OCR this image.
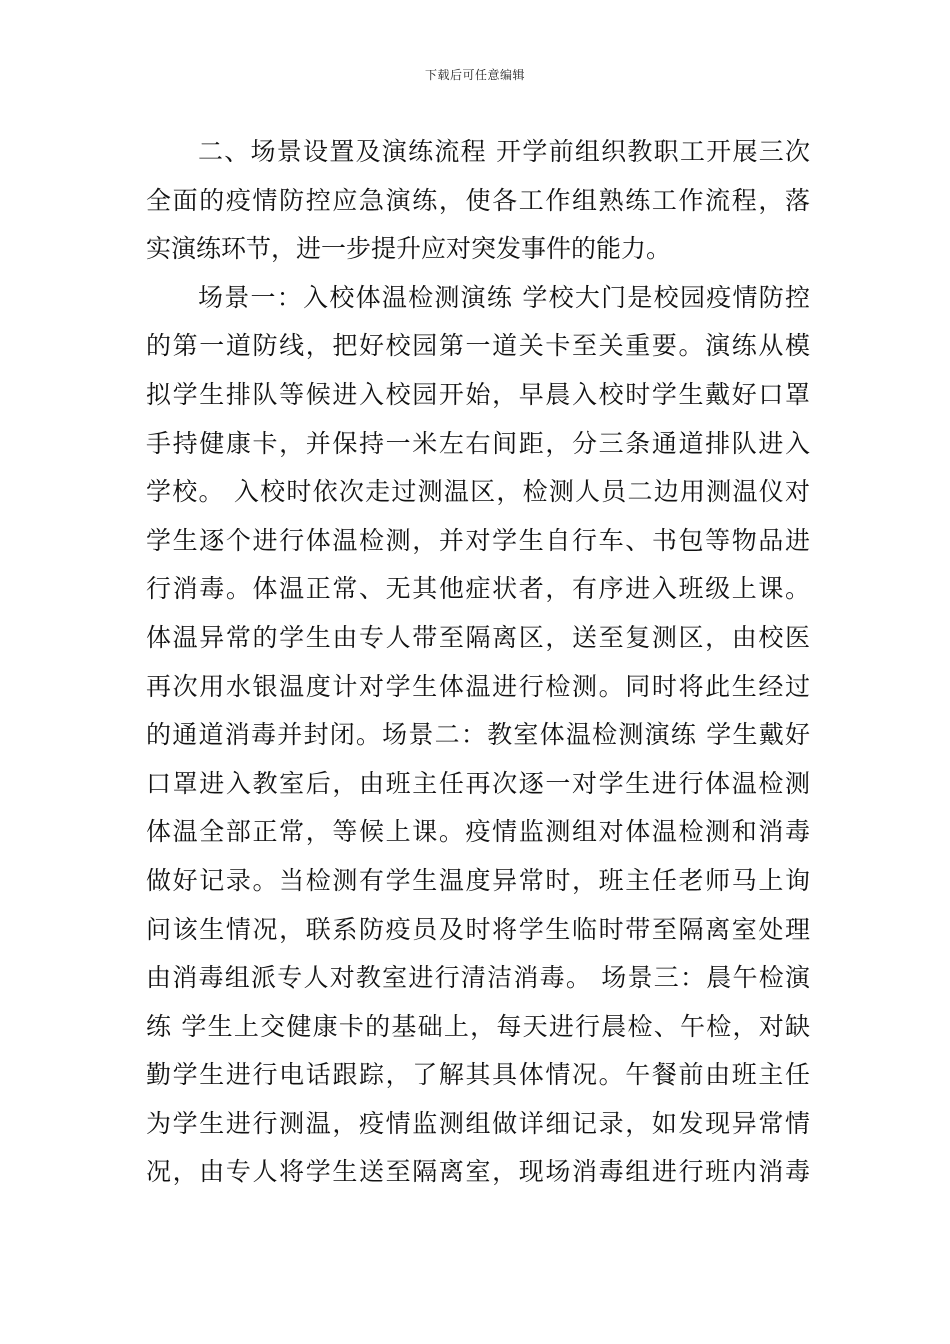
下载后可任意编辑
二、场景设置及演练流程 开学前组织教职工开展三次
全面的疫情防控应急演练，使各工作组熟练工作流程，落
实演练环节，进一步提升应对突发事件的能力。
场景一：入校体温检测演练 学校大门是校园疫情防控
的第一道防线，把好校园第一道关卡至关重要。演练从模
拟学生排队等候进入校园开始，早晨入校时学生戴好口罩
手持健康卡，并保持一米左右间距，分三条通道排队进入
学校。 入校时依次走过测温区，检测人员二边用测温仪对
学生逐个进行体温检测，并对学生自行车、书包等物品进
行消毒。体温正常、无其他症状者，有序进入班级上课。
体温异常的学生由专人带至隔离区，送至复测区，由校医
再次用水银温度计对学生体温进行检测。同时将此生经过
的通道消毒并封闭。场景二：教室体温检测演练 学生戴好
口罩进入教室后，由班主任再次逐一对学生进行体温检测
体温全部正常，等候上课。疫情监测组对体温检测和消毒
做好记录。当检测有学生温度异常时，班主任老师马上询
问该生情况，联系防疫员及时将学生临时带至隔离室处理
由消毒组派专人对教室进行清洁消毒。 场景三：晨午检演
练 学生上交健康卡的基础上，每天进行晨检、午检，对缺
勤学生进行电话跟踪，了解其具体情况。午餐前由班主任
为学生进行测温，疫情监测组做详细记录，如发现异常情
况，由专人将学生送至隔离室，现场消毒组进行班内消毒
